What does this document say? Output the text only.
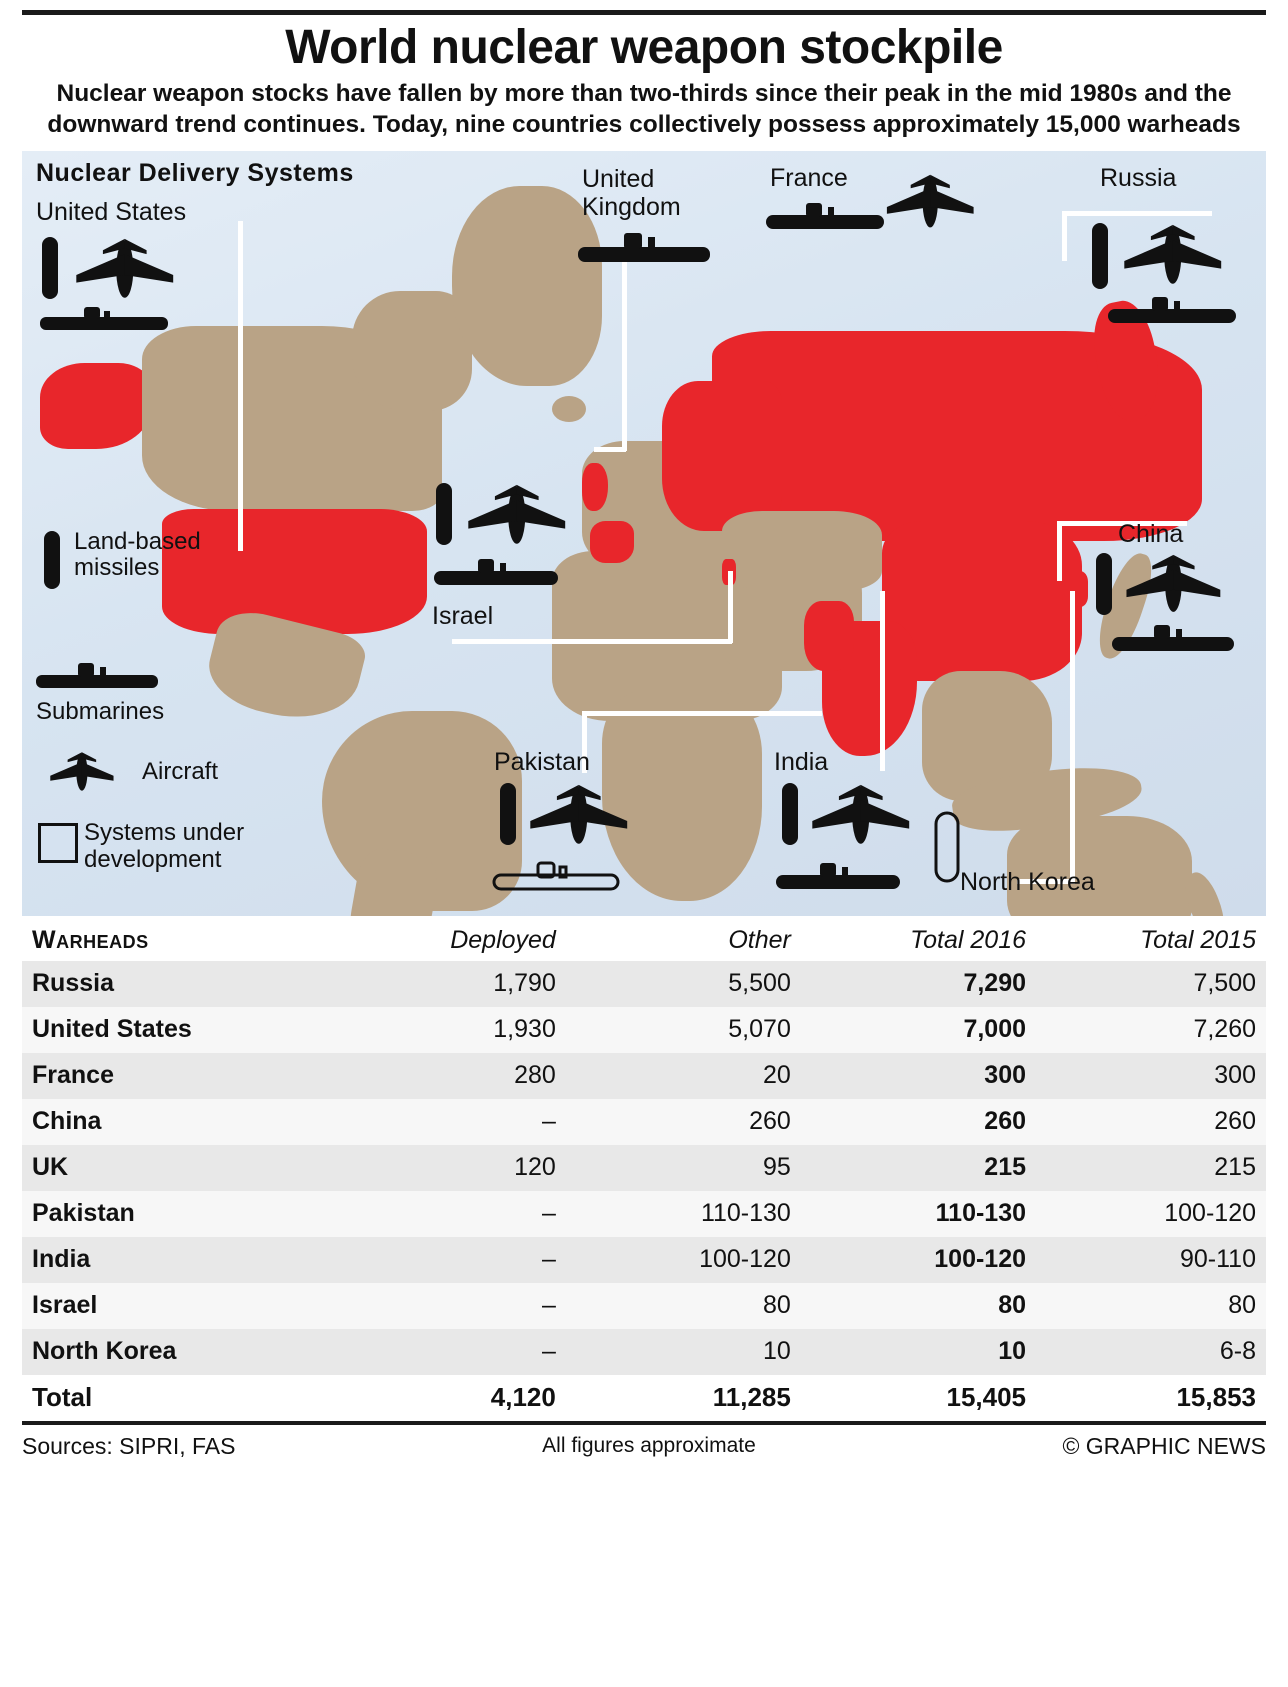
World nuclear weapon stockpile
Nuclear weapon stocks have fallen by more than two-thirds since their peak in the mid 1980s and the downward trend continues. Today, nine countries collectively possess approximately 15,000 warheads
Nuclear Delivery Systems
United States
United
Kingdom
France	Russia
China
Israel
Pakistan	India
North Korea
Land-based missiles
Submarines
Aircraft
Systems under development
Warheads	Deployed	Other	Total 2016	Total 2015
Russia	1,790	5,500	7,290	7,500
United States	1,930	5,070	7,000	7,260
France	280	20	300	300
China	–	260	260	260
UK	120	95	215	215
Pakistan	–	110-130	110-130	100-120
India	–	100-120	100-120	90-110
Israel	–	80	80	80
North Korea	–	10	10	6-8
Total	4,120	11,285	15,405	15,853
Sources: SIPRI, FAS	All figures approximate	© GRAPHIC NEWS
